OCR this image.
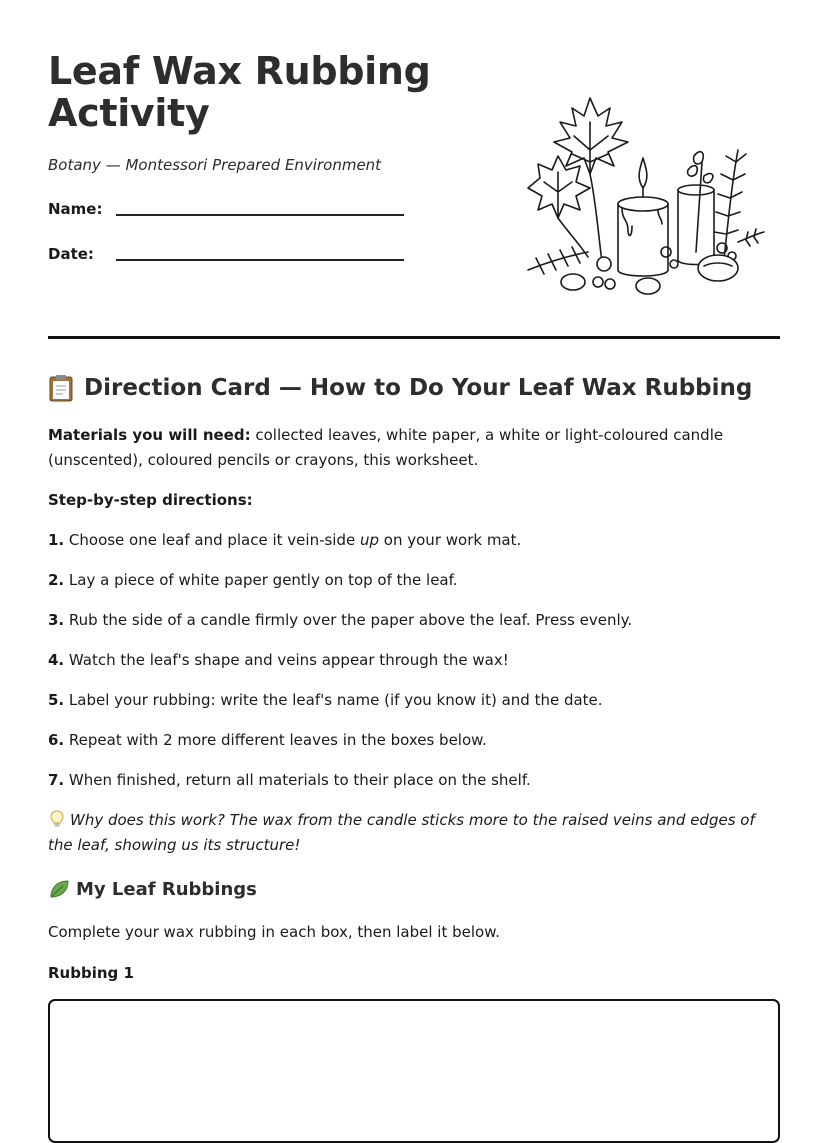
Leaf Wax Rubbing
Activity
Botany — Montessori Prepared Environment
Name:
Date:
Direction Card — How to Do Your Leaf Wax Rubbing
Materials you will need: collected leaves, white paper, a white or light-coloured candle (unscented), coloured pencils or crayons, this worksheet.
Step-by-step directions:
1. Choose one leaf and place it vein-side up on your work mat.
2. Lay a piece of white paper gently on top of the leaf.
3. Rub the side of a candle firmly over the paper above the leaf. Press evenly.
4. Watch the leaf's shape and veins appear through the wax!
5. Label your rubbing: write the leaf's name (if you know it) and the date.
6. Repeat with 2 more different leaves in the boxes below.
7. When finished, return all materials to their place on the shelf.
Why does this work? The wax from the candle sticks more to the raised veins and edges of the leaf, showing us its structure!
My Leaf Rubbings
Complete your wax rubbing in each box, then label it below.
Rubbing 1
